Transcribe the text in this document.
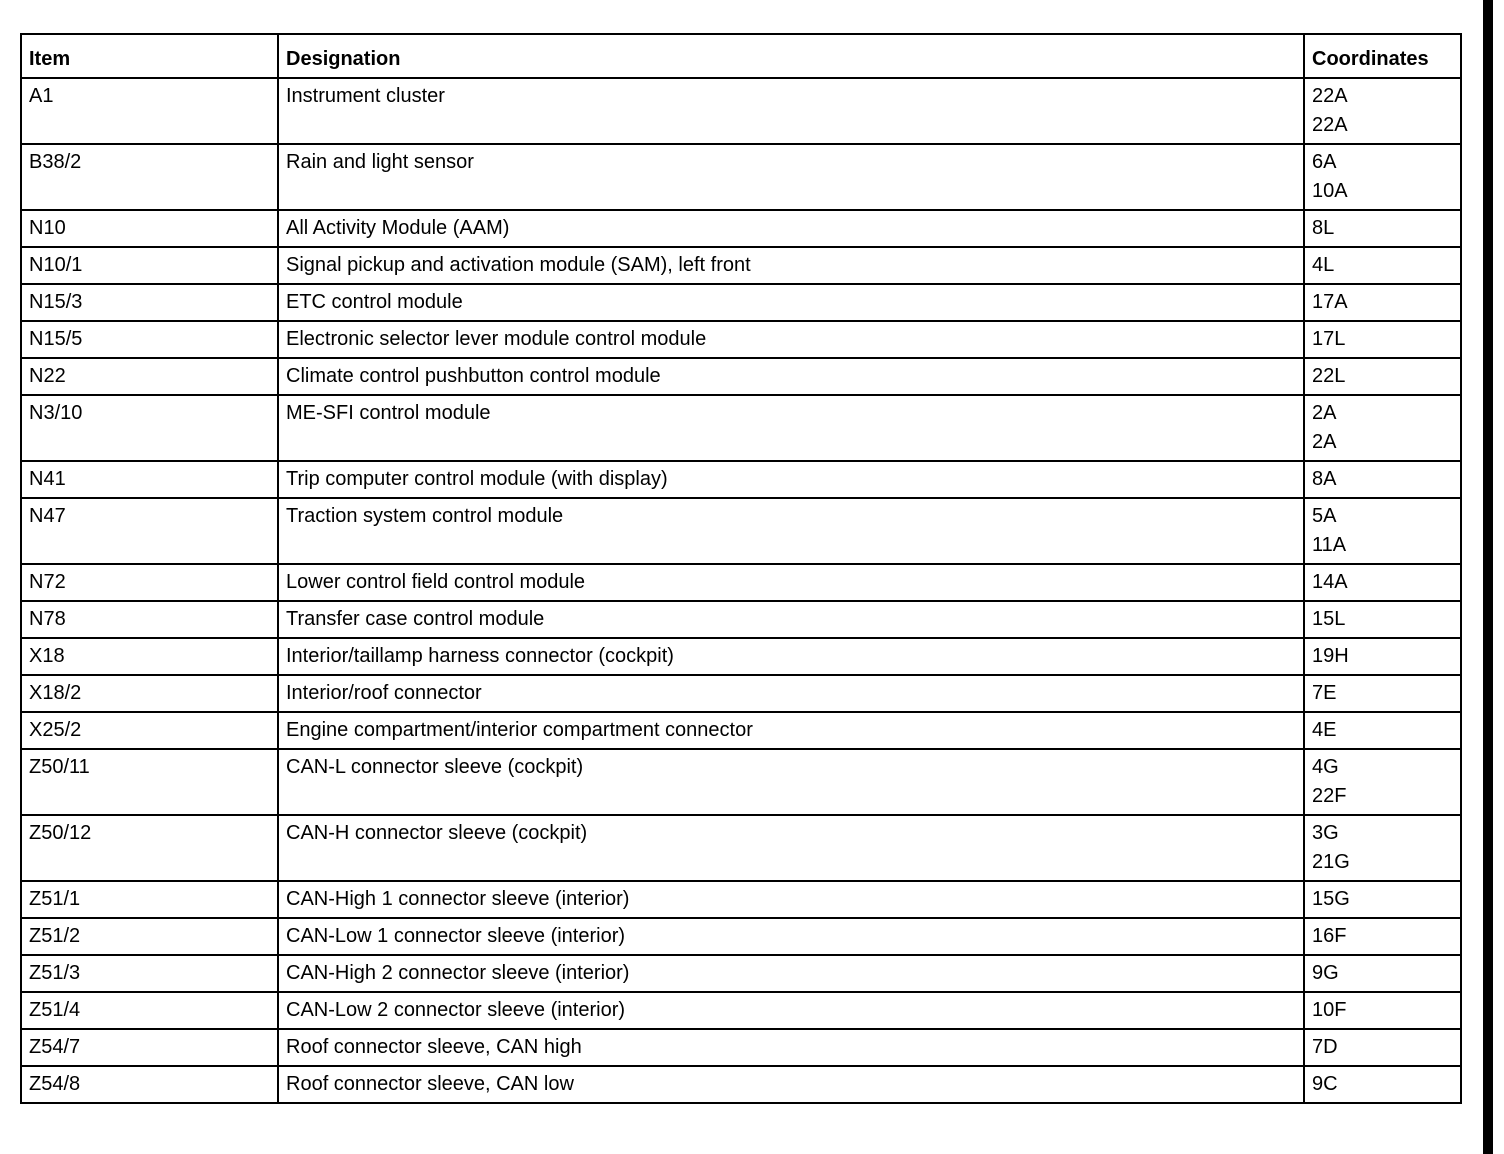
Item	Designation	Coordinates
A1	Instrument cluster	22A
22A

B38/2	Rain and light sensor	6A
10A

N10	All Activity Module (AAM)	8L

N10/1	Signal pickup and activation module (SAM), left front	4L

N15/3	ETC control module	17A

N15/5	Electronic selector lever module control module	17L

N22	Climate control pushbutton control module	22L

N3/10	ME-SFI control module	2A
2A

N41	Trip computer control module (with display)	8A

N47	Traction system control module	5A
11A

N72	Lower control field control module	14A

N78	Transfer case control module	15L

X18	Interior/taillamp harness connector (cockpit)	19H

X18/2	Interior/roof connector	7E

X25/2	Engine compartment/interior compartment connector	4E

Z50/11	CAN-L connector sleeve (cockpit)	4G
22F

Z50/12	CAN-H connector sleeve (cockpit)	3G
21G

Z51/1	CAN-High 1 connector sleeve (interior)	15G

Z51/2	CAN-Low 1 connector sleeve (interior)	16F

Z51/3	CAN-High 2 connector sleeve (interior)	9G

Z51/4	CAN-Low 2 connector sleeve (interior)	10F

Z54/7	Roof connector sleeve, CAN high	7D

Z54/8	Roof connector sleeve, CAN low	9C
